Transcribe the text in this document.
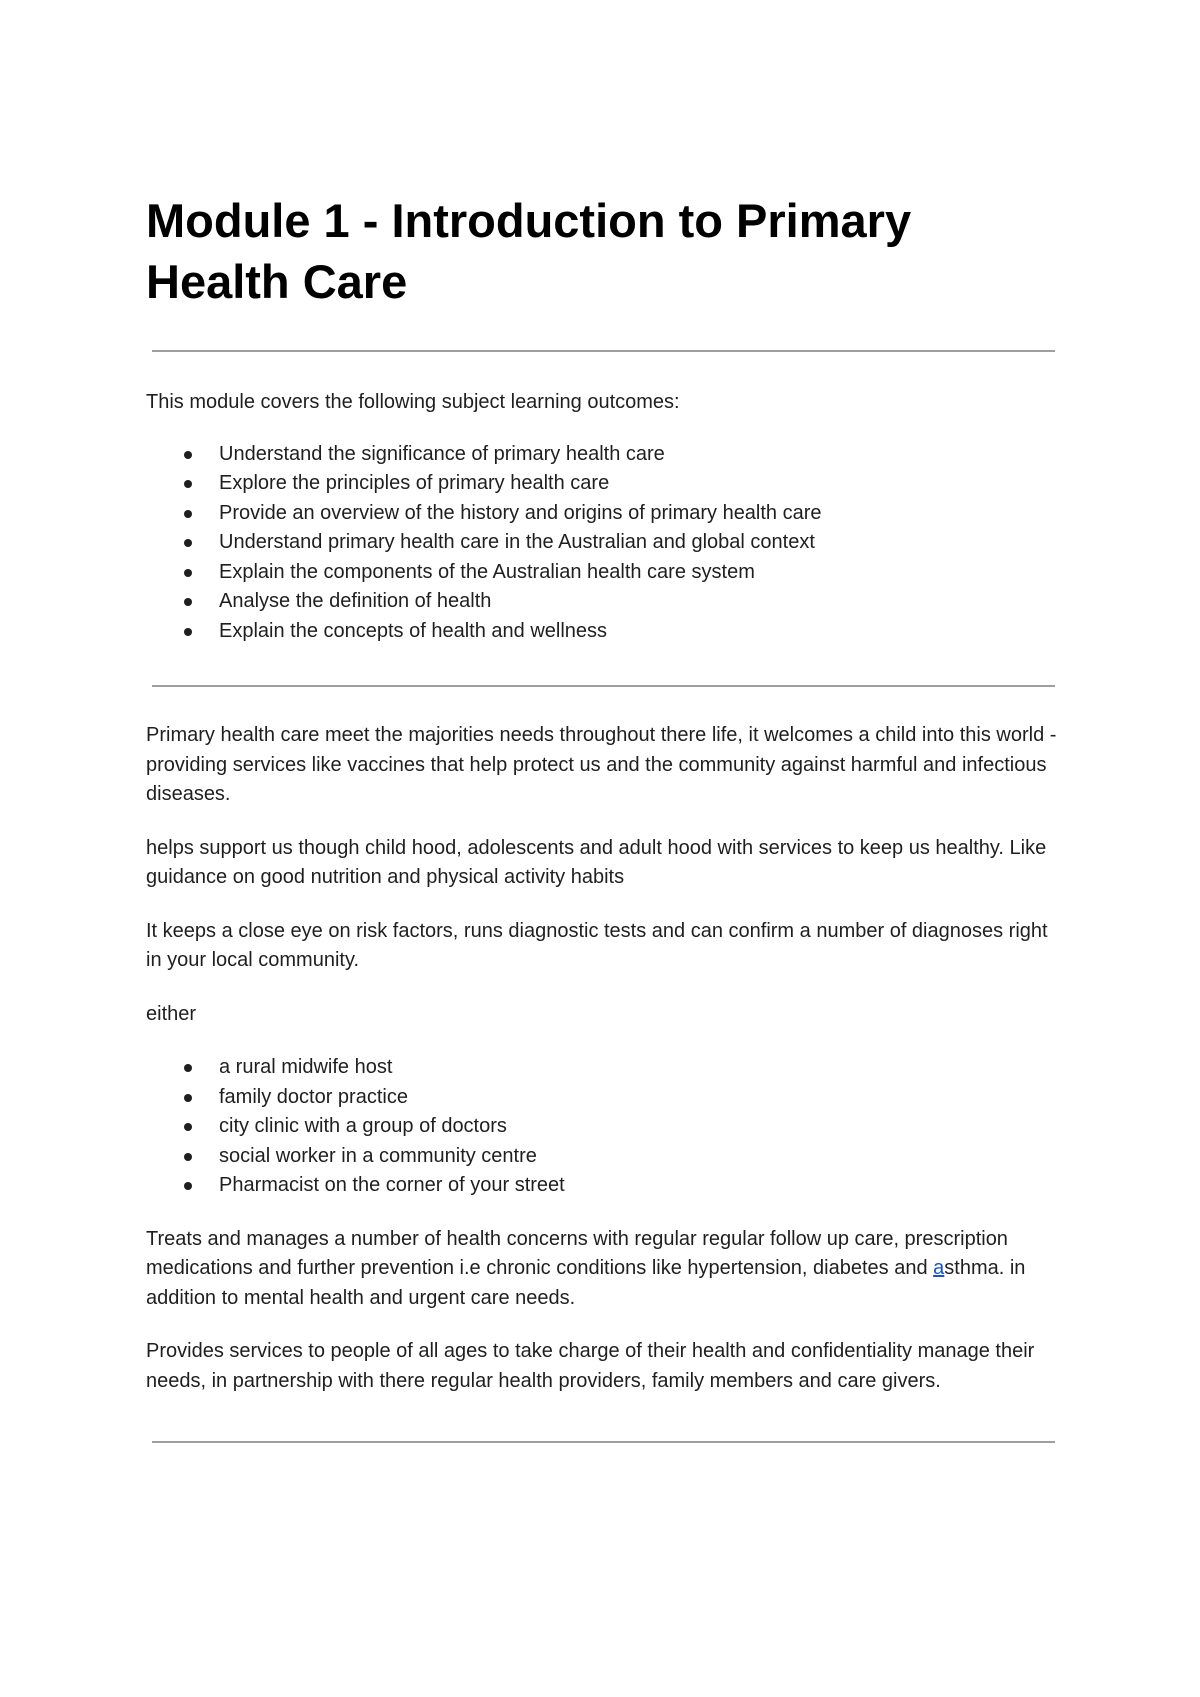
Module 1 - Introduction to Primary Health Care

This module covers the following subject learning outcomes:

Understand the significance of primary health care
Explore the principles of primary health care
Provide an overview of the history and origins of primary health care
Understand primary health care in the Australian and global context
Explain the components of the Australian health care system
Analyse the definition of health
Explain the concepts of health and wellness

Primary health care meet the majorities needs throughout there life, it welcomes a child into this world - providing services like vaccines that help protect us and the community against harmful and infectious diseases.

helps support us though child hood, adolescents and adult hood with services to keep us healthy. Like guidance on good nutrition and physical activity habits

It keeps a close eye on risk factors, runs diagnostic tests and can confirm a number of diagnoses right in your local community.

either

a rural midwife host
family doctor practice
city clinic with a group of doctors
social worker in a community centre
Pharmacist on the corner of your street

Treats and manages a number of health concerns with regular regular follow up care, prescription medications and further prevention i.e chronic conditions like hypertension, diabetes and asthma. in addition to mental health and urgent care needs.

Provides services to people of all ages to take charge of their health and confidentiality manage their needs, in partnership with there regular health providers, family members and care givers.
